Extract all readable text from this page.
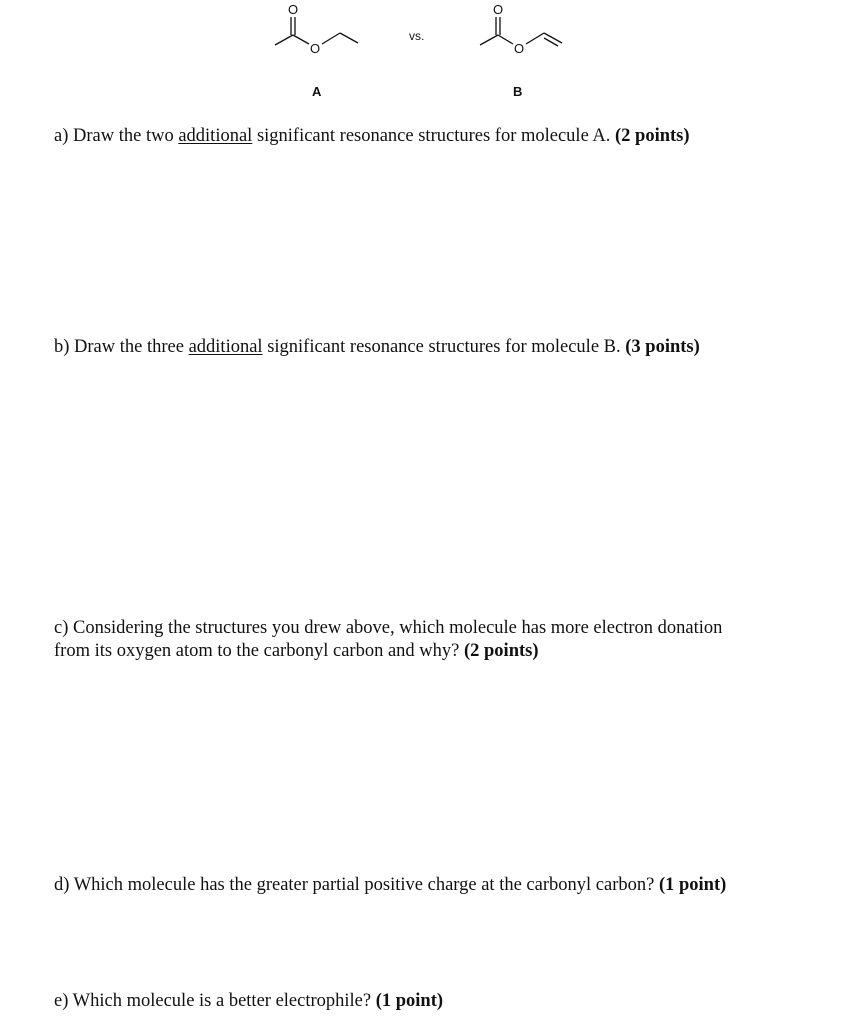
O
O
A
vs.
O
O
B
a) Draw the two additional significant resonance structures for molecule A. (2 points)
b) Draw the three additional significant resonance structures for molecule B. (3 points)
c) Considering the structures you drew above, which molecule has more electron donation from its oxygen atom to the carbonyl carbon and why? (2 points)
d) Which molecule has the greater partial positive charge at the carbonyl carbon? (1 point)
e) Which molecule is a better electrophile? (1 point)
